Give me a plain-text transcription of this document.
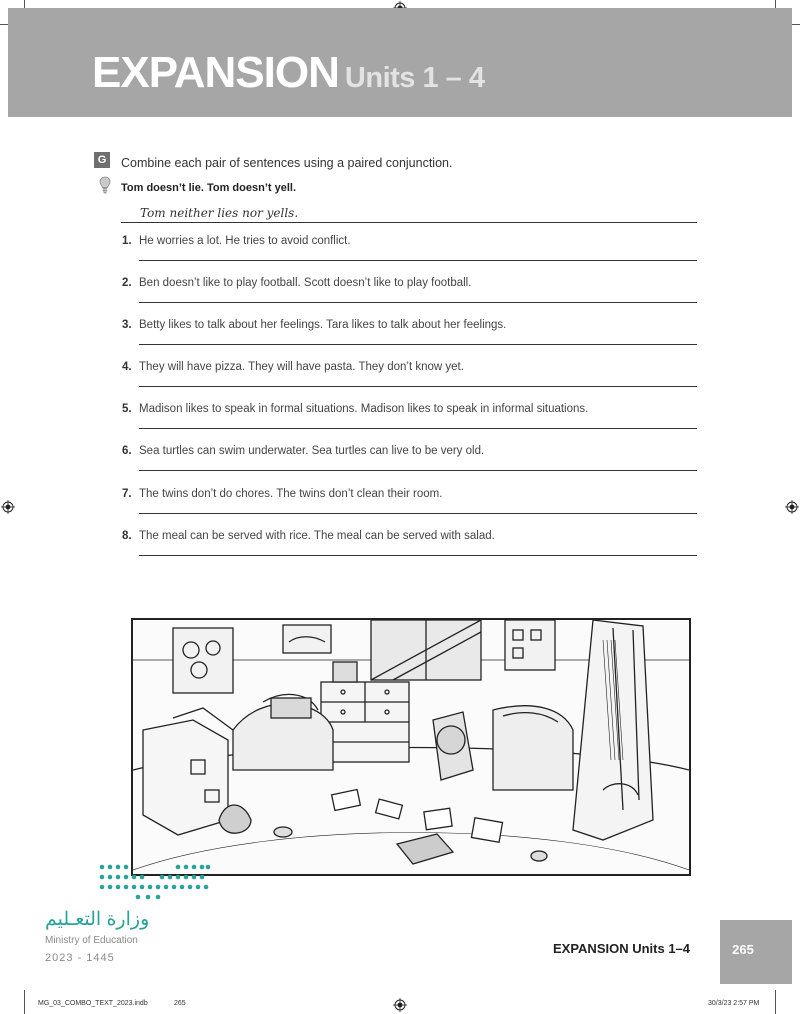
EXPANSION Units 1 – 4
G Combine each pair of sentences using a paired conjunction.
Tom doesn’t lie. Tom doesn’t yell.
Tom neither lies nor yells.
1. He worries a lot. He tries to avoid conflict.
2. Ben doesn’t like to play football. Scott doesn’t like to play football.
3. Betty likes to talk about her feelings. Tara likes to talk about her feelings.
4. They will have pizza. They will have pasta. They don’t know yet.
5. Madison likes to speak in formal situations. Madison likes to speak in informal situations.
6. Sea turtles can swim underwater. Sea turtles can live to be very old.
7. The twins don’t do chores. The twins don’t clean their room.
8. The meal can be served with rice. The meal can be served with salad.
وزارة التعـليم
Ministry of Education
2023 - 1445
EXPANSION Units 1–4	265
MG_03_COMBO_TEXT_2023.indb	265	30/3/23 2:57 PM
